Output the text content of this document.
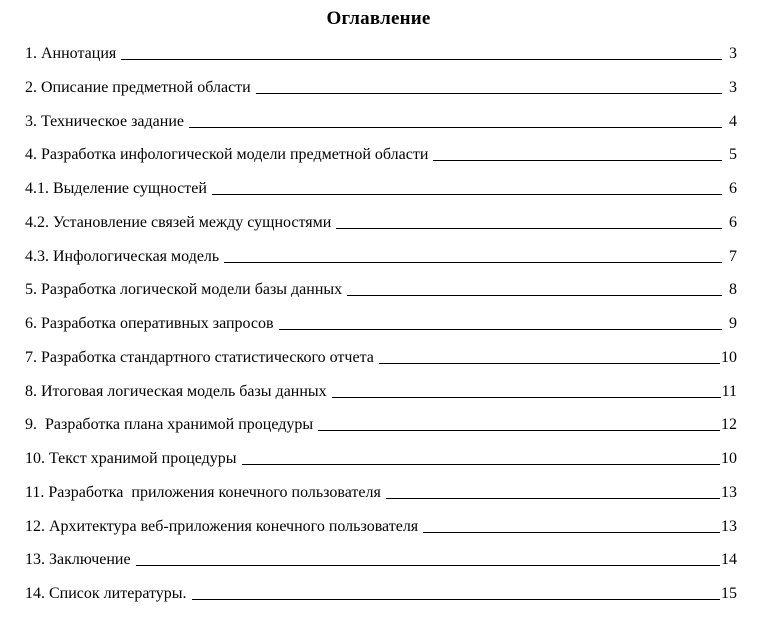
Оглавление
1. Аннотация	3
2. Описание предметной области	3
3. Техническое задание	4
4. Разработка инфологической модели предметной области	5
4.1. Выделение сущностей	6
4.2. Установление связей между сущностями	6
4.3. Инфологическая модель	7
5. Разработка логической модели базы данных	8
6. Разработка оперативных запросов	9
7. Разработка стандартного статистического отчета	10
8. Итоговая логическая модель базы данных	11
9.  Разработка плана хранимой процедуры	12
10. Текст хранимой процедуры	10
11. Разработка  приложения конечного пользователя	13
12. Архитектура веб-приложения конечного пользователя	13
13. Заключение	14
14. Список литературы.	15
